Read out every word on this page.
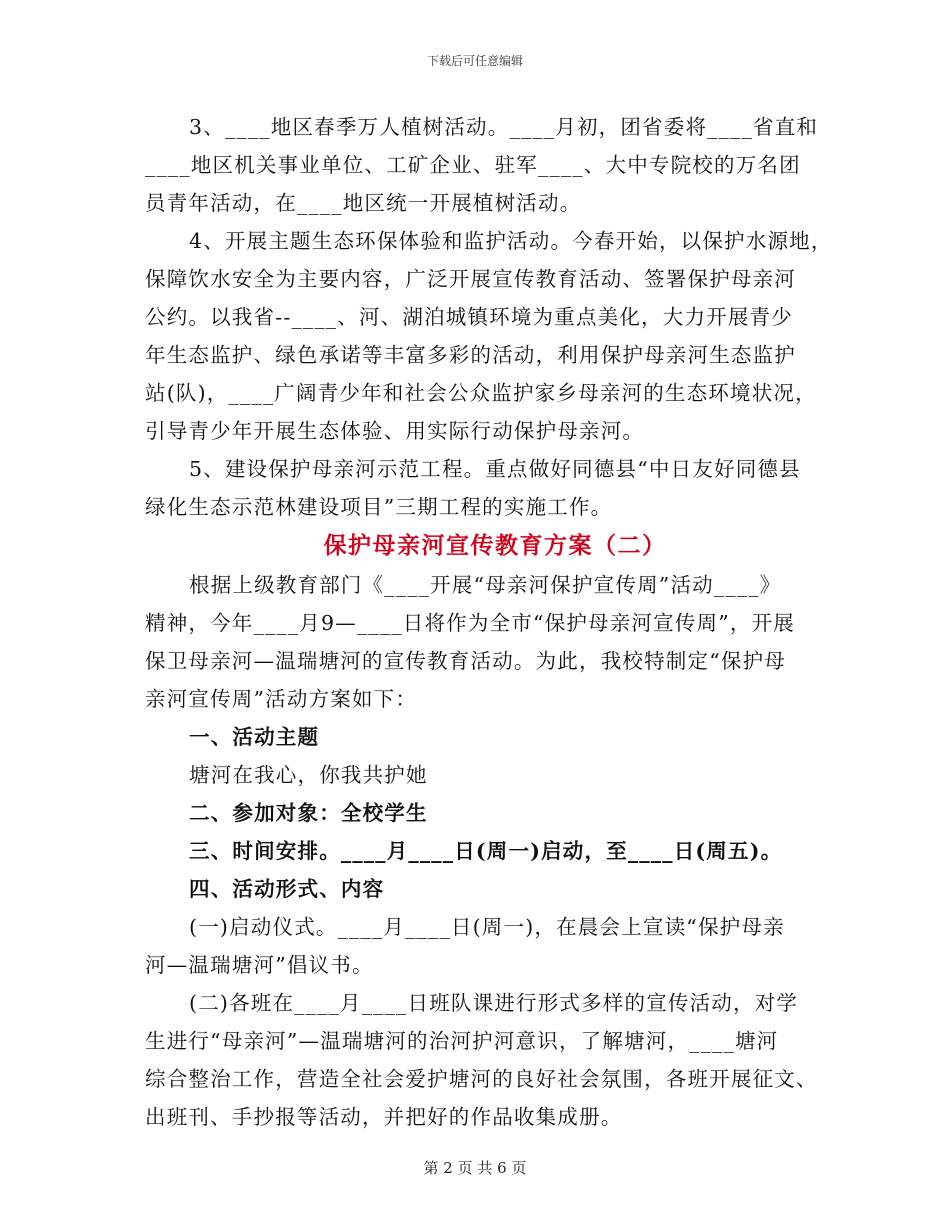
下载后可任意编辑

3、____地区春季万人植树活动。____月初，团省委将____省直和

____地区机关事业单位、工矿企业、驻军____、大中专院校的万名团

员青年活动，在____地区统一开展植树活动。

4、开展主题生态环保体验和监护活动。今春开始，以保护水源地，

保障饮水安全为主要内容，广泛开展宣传教育活动、签署保护母亲河

公约。以我省--____、河、湖泊城镇环境为重点美化，大力开展青少

年生态监护、绿色承诺等丰富多彩的活动，利用保护母亲河生态监护

站(队)，____广阔青少年和社会公众监护家乡母亲河的生态环境状况，

引导青少年开展生态体验、用实际行动保护母亲河。

5、建设保护母亲河示范工程。重点做好同德县“中日友好同德县

绿化生态示范林建设项目”三期工程的实施工作。

保护母亲河宣传教育方案（二）

根据上级教育部门《____开展“母亲河保护宣传周”活动____》

精神，今年____月9—____日将作为全市“保护母亲河宣传周”，开展

保卫母亲河—温瑞塘河的宣传教育活动。为此，我校特制定“保护母

亲河宣传周”活动方案如下：

一、活动主题

塘河在我心，你我共护她

二、参加对象：全校学生

三、时间安排。____月____日(周一)启动，至____日(周五)。

四、活动形式、内容

(一)启动仪式。____月____日(周一)，在晨会上宣读“保护母亲

河—温瑞塘河”倡议书。

(二)各班在____月____日班队课进行形式多样的宣传活动，对学

生进行“母亲河”—温瑞塘河的治河护河意识，了解塘河，____塘河

综合整治工作，营造全社会爱护塘河的良好社会氛围，各班开展征文、

出班刊、手抄报等活动，并把好的作品收集成册。

第 2 页 共 6 页
